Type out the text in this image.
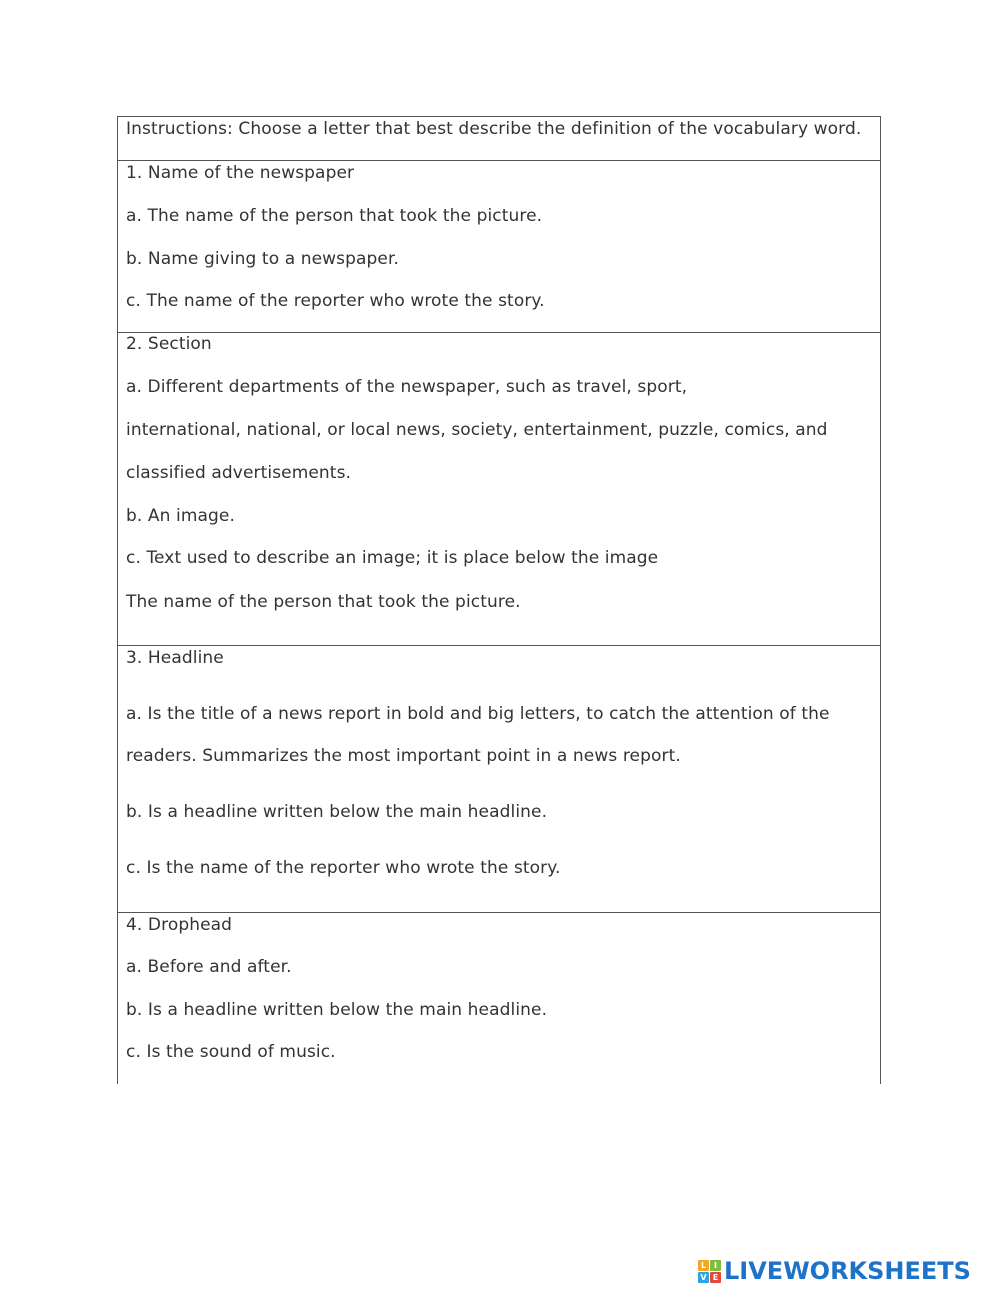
Instructions: Choose a letter that best describe the definition of the vocabulary word.
1. Name of the newspaper
a. The name of the person that took the picture.
b. Name giving to a newspaper.
c. The name of the reporter who wrote the story.
2. Section
a. Different departments of the newspaper, such as travel, sport,
international, national, or local news, society, entertainment, puzzle, comics, and
classified advertisements.
b. An image.
c. Text used to describe an image; it is place below the image
The name of the person that took the picture.
3. Headline
a. Is the title of a news report in bold and big letters, to catch the attention of the
readers. Summarizes the most important point in a news report.
b. Is a headline written below the main headline.
c. Is the name of the reporter who wrote the story.
4. Drophead
a. Before and after.
b. Is a headline written below the main headline.
c. Is the sound of music.
L I
V E LIVEWORKSHEETS
